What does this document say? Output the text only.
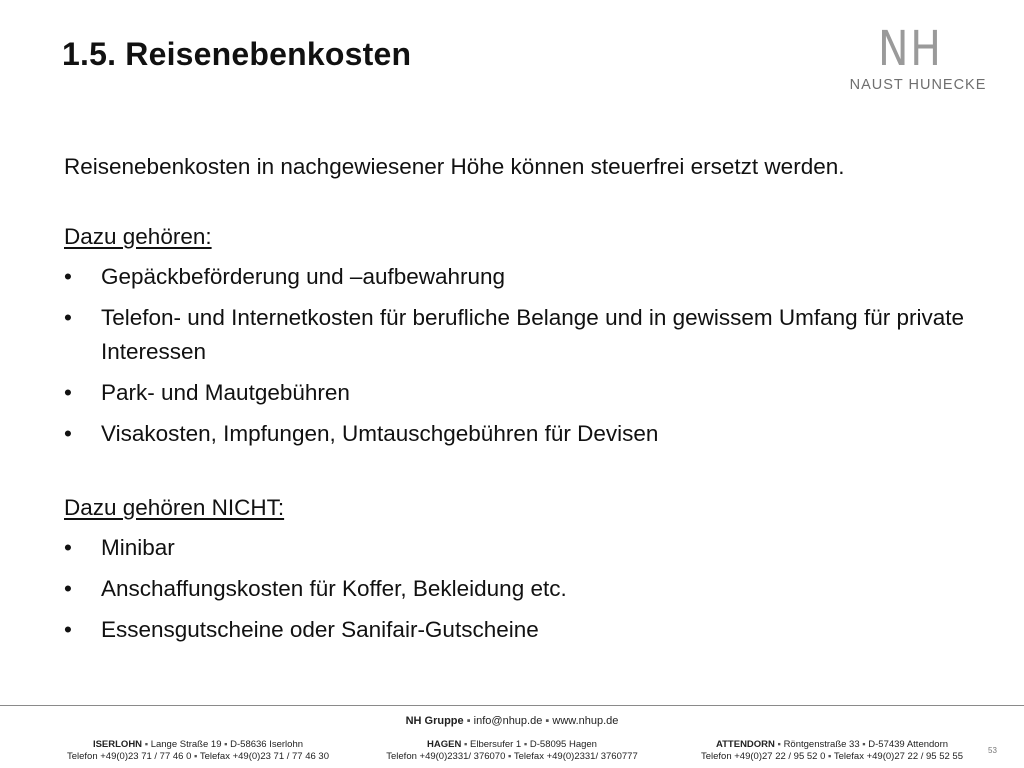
1.5. Reisenebenkosten	NH
NAUST HUNECKE

Reisenebenkosten in nachgewiesener Höhe können steuerfrei ersetzt werden.

Dazu gehören:

• Gepäckbeförderung und –aufbewahrung
• Telefon- und Internetkosten für berufliche Belange und in gewissem Umfang für private Interessen
• Park- und Mautgebühren
• Visakosten, Impfungen, Umtauschgebühren für Devisen

Dazu gehören NICHT:

• Minibar
• Anschaffungskosten für Koffer, Bekleidung etc.
• Essensgutscheine oder Sanifair-Gutscheine
NH Gruppe ▪ info@nhup.de ▪ www.nhup.de
ISERLOHN ▪ Lange Straße 19 ▪ D-58636 Iserlohn
Telefon +49(0)23 71 / 77 46 0 ▪ Telefax +49(0)23 71 / 77 46 30
HAGEN ▪ Elbersufer 1 ▪ D-58095 Hagen
Telefon +49(0)2331/ 376070 ▪ Telefax +49(0)2331/ 3760777
ATTENDORN ▪ Röntgenstraße 33 ▪ D-57439 Attendorn
Telefon +49(0)27 22 / 95 52 0 ▪ Telefax +49(0)27 22 / 95 52 55
53
